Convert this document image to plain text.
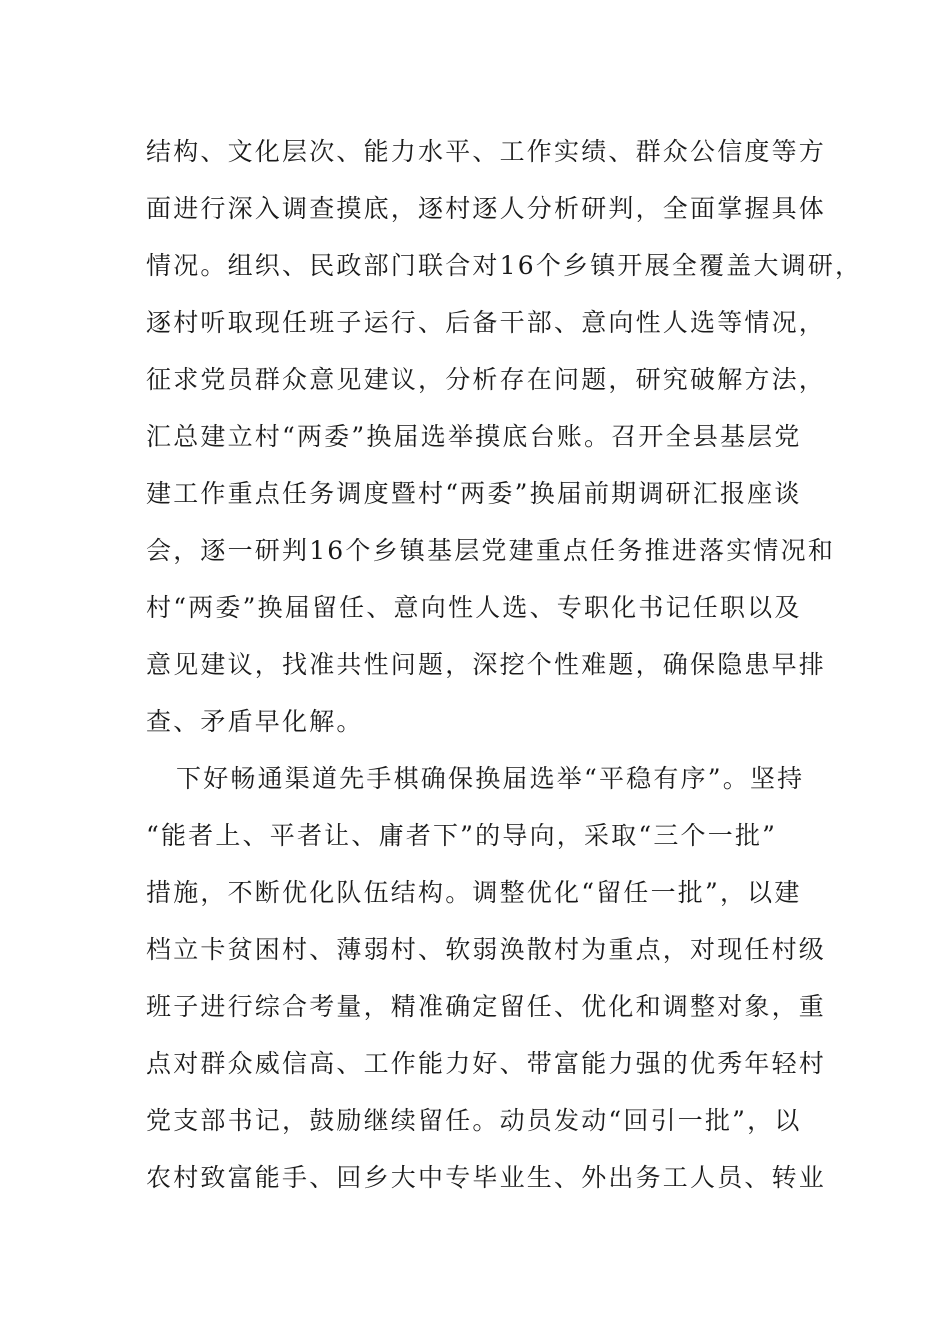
结构、文化层次、能力水平、工作实绩、群众公信度等方
面进行深入调查摸底，逐村逐人分析研判，全面掌握具体
情况。组织、民政部门联合对16个乡镇开展全覆盖大调研，
逐村听取现任班子运行、后备干部、意向性人选等情况，
征求党员群众意见建议，分析存在问题，研究破解方法，
汇总建立村“两委”换届选举摸底台账。召开全县基层党
建工作重点任务调度暨村“两委”换届前期调研汇报座谈
会，逐一研判16个乡镇基层党建重点任务推进落实情况和
村“两委”换届留任、意向性人选、专职化书记任职以及
意见建议，找准共性问题，深挖个性难题，确保隐患早排
查、矛盾早化解。
下好畅通渠道先手棋确保换届选举“平稳有序”。坚持
“能者上、平者让、庸者下”的导向，采取“三个一批”
措施，不断优化队伍结构。调整优化“留任一批”，以建
档立卡贫困村、薄弱村、软弱涣散村为重点，对现任村级
班子进行综合考量，精准确定留任、优化和调整对象，重
点对群众威信高、工作能力好、带富能力强的优秀年轻村
党支部书记，鼓励继续留任。动员发动“回引一批”，以
农村致富能手、回乡大中专毕业生、外出务工人员、转业
